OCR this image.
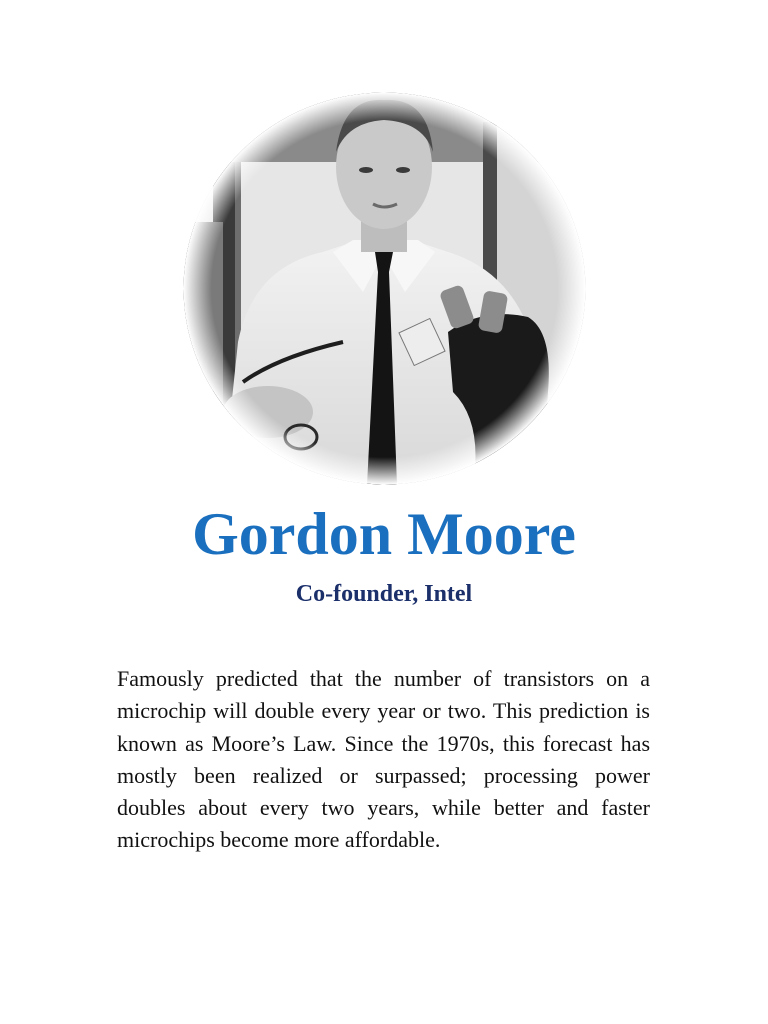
Gordon Moore
Co-founder, Intel

Famously predicted that the number of transistors on a microchip will double every year or two. This prediction is known as Moore’s Law. Since the 1970s, this forecast has mostly been realized or surpassed; processing power doubles about every two years, while better and faster microchips become more affordable.
